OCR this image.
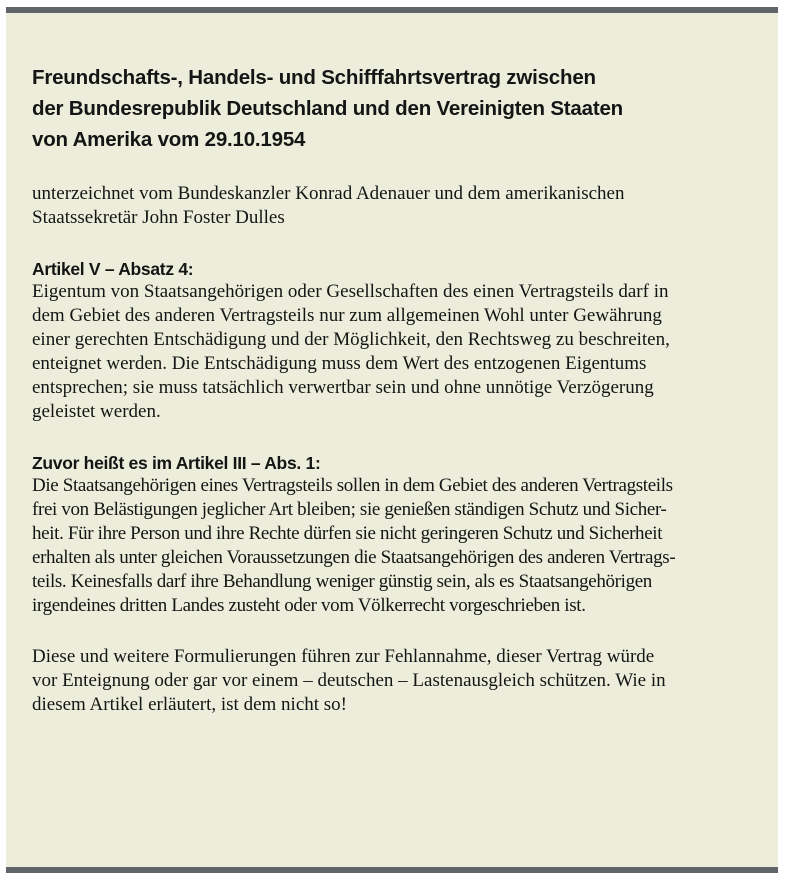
Freundschafts-, Handels- und Schifffahrtsvertrag zwischen
der Bundesrepublik Deutschland und den Vereinigten Staaten
von Amerika vom 29.10.1954
unterzeichnet vom Bundeskanzler Konrad Adenauer und dem amerikanischen
Staatssekretär John Foster Dulles
Artikel V – Absatz 4:
Eigentum von Staatsangehörigen oder Gesellschaften des einen Vertragsteils darf in
dem Gebiet des anderen Vertragsteils nur zum allgemeinen Wohl unter Gewährung
einer gerechten Entschädigung und der Möglichkeit, den Rechtsweg zu beschreiten,
enteignet werden. Die Entschädigung muss dem Wert des entzogenen Eigentums
entsprechen; sie muss tatsächlich verwertbar sein und ohne unnötige Verzögerung
geleistet werden.
Zuvor heißt es im Artikel III – Abs. 1:
Die Staatsangehörigen eines Vertragsteils sollen in dem Gebiet des anderen Vertragsteils
frei von Belästigungen jeglicher Art bleiben; sie genießen ständigen Schutz und Sicher-
heit. Für ihre Person und ihre Rechte dürfen sie nicht geringeren Schutz und Sicherheit
erhalten als unter gleichen Voraussetzungen die Staatsangehörigen des anderen Vertrags-
teils. Keinesfalls darf ihre Behandlung weniger günstig sein, als es Staatsangehörigen
irgendeines dritten Landes zusteht oder vom Völkerrecht vorgeschrieben ist.
Diese und weitere Formulierungen führen zur Fehlannahme, dieser Vertrag würde
vor Enteignung oder gar vor einem – deutschen – Lastenausgleich schützen. Wie in
diesem Artikel erläutert, ist dem nicht so!
